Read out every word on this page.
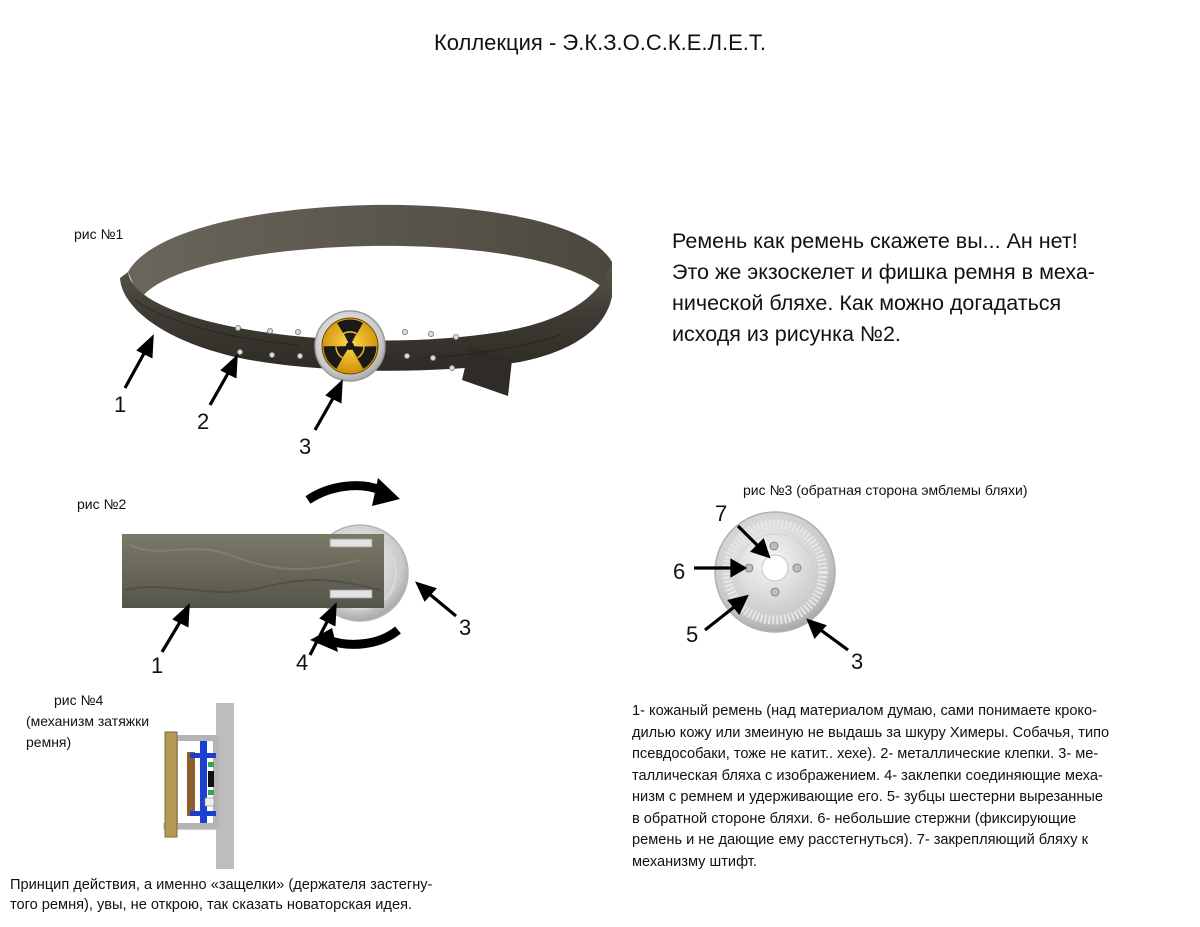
Коллекция - Э.К.З.О.С.К.Е.Л.Е.Т.
рис №1
1
2
3
рис №2
1	4
3
рис №3 (обратная сторона эмблемы бляхи)
7
6
5
3
рис №4
(механизм затяжки
ремня)
Ремень как ремень скажете вы... Ан нет!
Это же экзоскелет и фишка ремня в меха-
нической бляхе. Как можно догадаться
исходя из рисунка №2.
1- кожаный ремень (над материалом думаю, сами понимаете кроко-
дилью кожу или змеиную не выдашь за шкуру Химеры. Собачья, типо
псевдособаки, тоже не катит.. хехе). 2- металлические клепки. 3- ме-
таллическая бляха с изображением. 4- заклепки соединяющие меха-
низм с ремнем и удерживающие его. 5- зубцы шестерни вырезанные
в обратной стороне бляхи. 6- небольшие стержни (фиксирующие
ремень и не дающие ему расстегнуться). 7- закрепляющий бляху к
механизму штифт.
Принцип действия, а именно «защелки» (держателя застегну-
того ремня), увы, не открою, так сказать новаторская идея.
